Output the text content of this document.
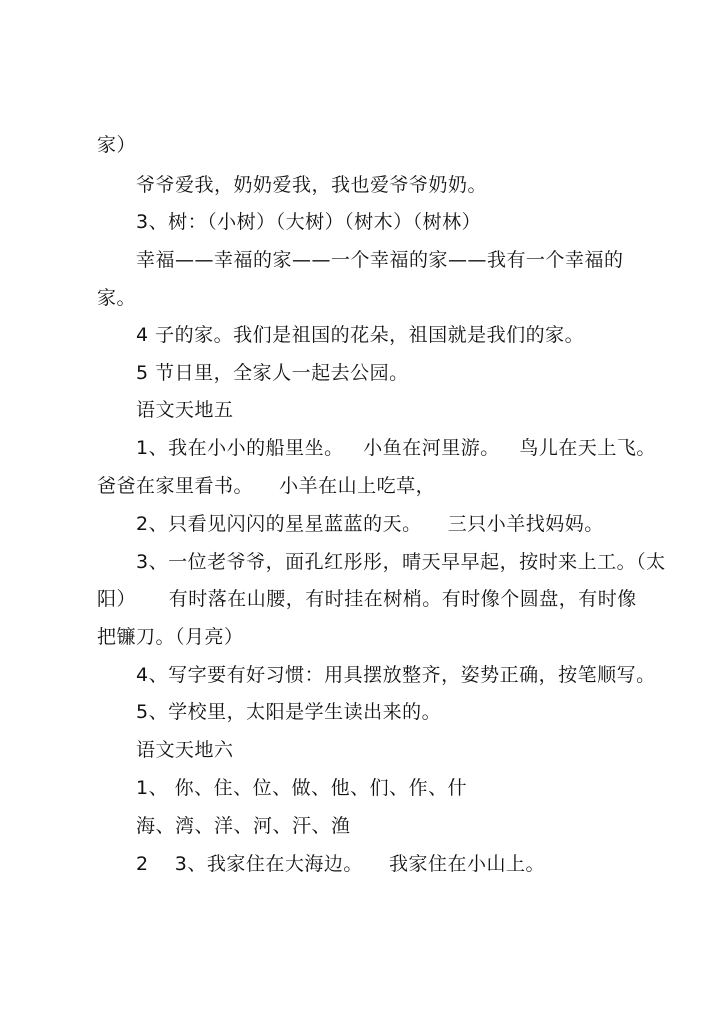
家）
爷爷爱我，奶奶爱我，我也爱爷爷奶奶。
3、树：（小树）（大树）（树木）（树林）
幸福——幸福的家——一个幸福的家——我有一个幸福的
家。
4 子的家。我们是祖国的花朵，祖国就是我们的家。
5 节日里，全家人一起去公园。
语文天地五
1、我在小小的船里坐。   小鱼在河里游。   鸟儿在天上飞。
爸爸在家里看书。    小羊在山上吃草，
2、只看见闪闪的星星蓝蓝的天。    三只小羊找妈妈。
3、一位老爷爷，面孔红彤彤，晴天早早起，按时来上工。（太
阳）     有时落在山腰，有时挂在树梢。有时像个圆盘，有时像
把镰刀。（月亮）
4、写字要有好习惯：用具摆放整齐，姿势正确，按笔顺写。
5、学校里，太阳是学生读出来的。
语文天地六
1、 你、住、位、做、他、们、作、什
海、湾、洋、河、汗、渔
2    3、我家住在大海边。    我家住在小山上。
